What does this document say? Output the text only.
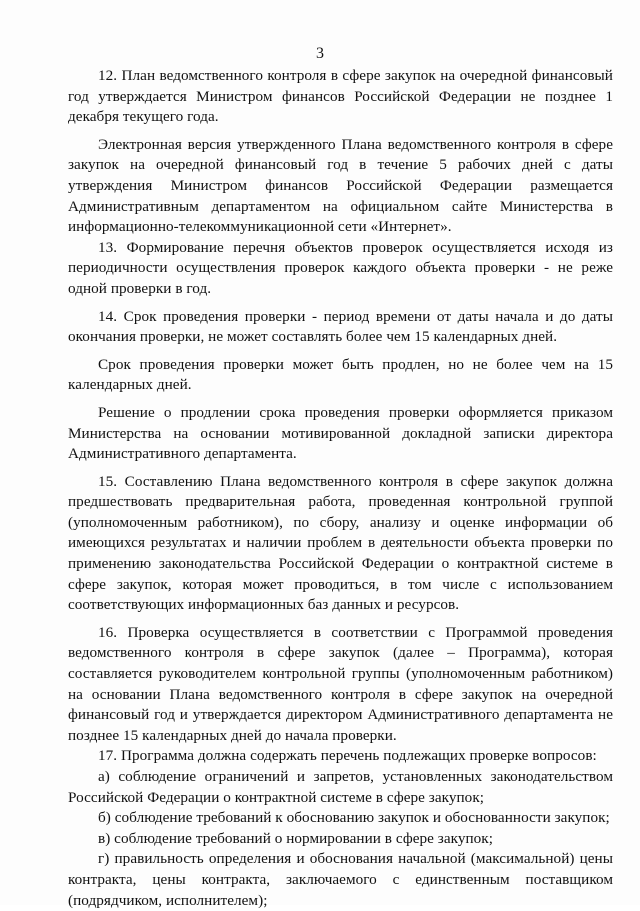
3

12. План ведомственного контроля в сфере закупок на очередной финансовый год утверждается Министром финансов Российской Федерации не позднее 1 декабря текущего года.

Электронная версия утвержденного Плана ведомственного контроля в сфере закупок на очередной финансовый год в течение 5 рабочих дней с даты утверждения Министром финансов Российской Федерации размещается Административным департаментом на официальном сайте Министерства в информационно-телекоммуникационной сети «Интернет».

13. Формирование перечня объектов проверок осуществляется исходя из периодичности осуществления проверок каждого объекта проверки - не реже одной проверки в год.

14. Срок проведения проверки - период времени от даты начала и до даты окончания проверки, не может составлять более чем 15 календарных дней.

Срок проведения проверки может быть продлен, но не более чем на 15 календарных дней.

Решение о продлении срока проведения проверки оформляется приказом Министерства на основании мотивированной докладной записки директора Административного департамента.

15. Составлению Плана ведомственного контроля в сфере закупок должна предшествовать предварительная работа, проведенная контрольной группой (уполномоченным работником), по сбору, анализу и оценке информации об имеющихся результатах и наличии проблем в деятельности объекта проверки по применению законодательства Российской Федерации о контрактной системе в сфере закупок, которая может проводиться, в том числе с использованием соответствующих информационных баз данных и ресурсов.

16. Проверка осуществляется в соответствии с Программой проведения ведомственного контроля в сфере закупок (далее – Программа), которая составляется руководителем контрольной группы (уполномоченным работником) на основании Плана ведомственного контроля в сфере закупок на очередной финансовый год и утверждается директором Административного департамента не позднее 15 календарных дней до начала проверки.

17. Программа должна содержать перечень подлежащих проверке вопросов:

а) соблюдение ограничений и запретов, установленных законодательством Российской Федерации о контрактной системе в сфере закупок;

б) соблюдение требований к обоснованию закупок и обоснованности закупок;

в) соблюдение требований о нормировании в сфере закупок;

г) правильность определения и обоснования начальной (максимальной) цены контракта, цены контракта, заключаемого с единственным поставщиком (подрядчиком, исполнителем);
